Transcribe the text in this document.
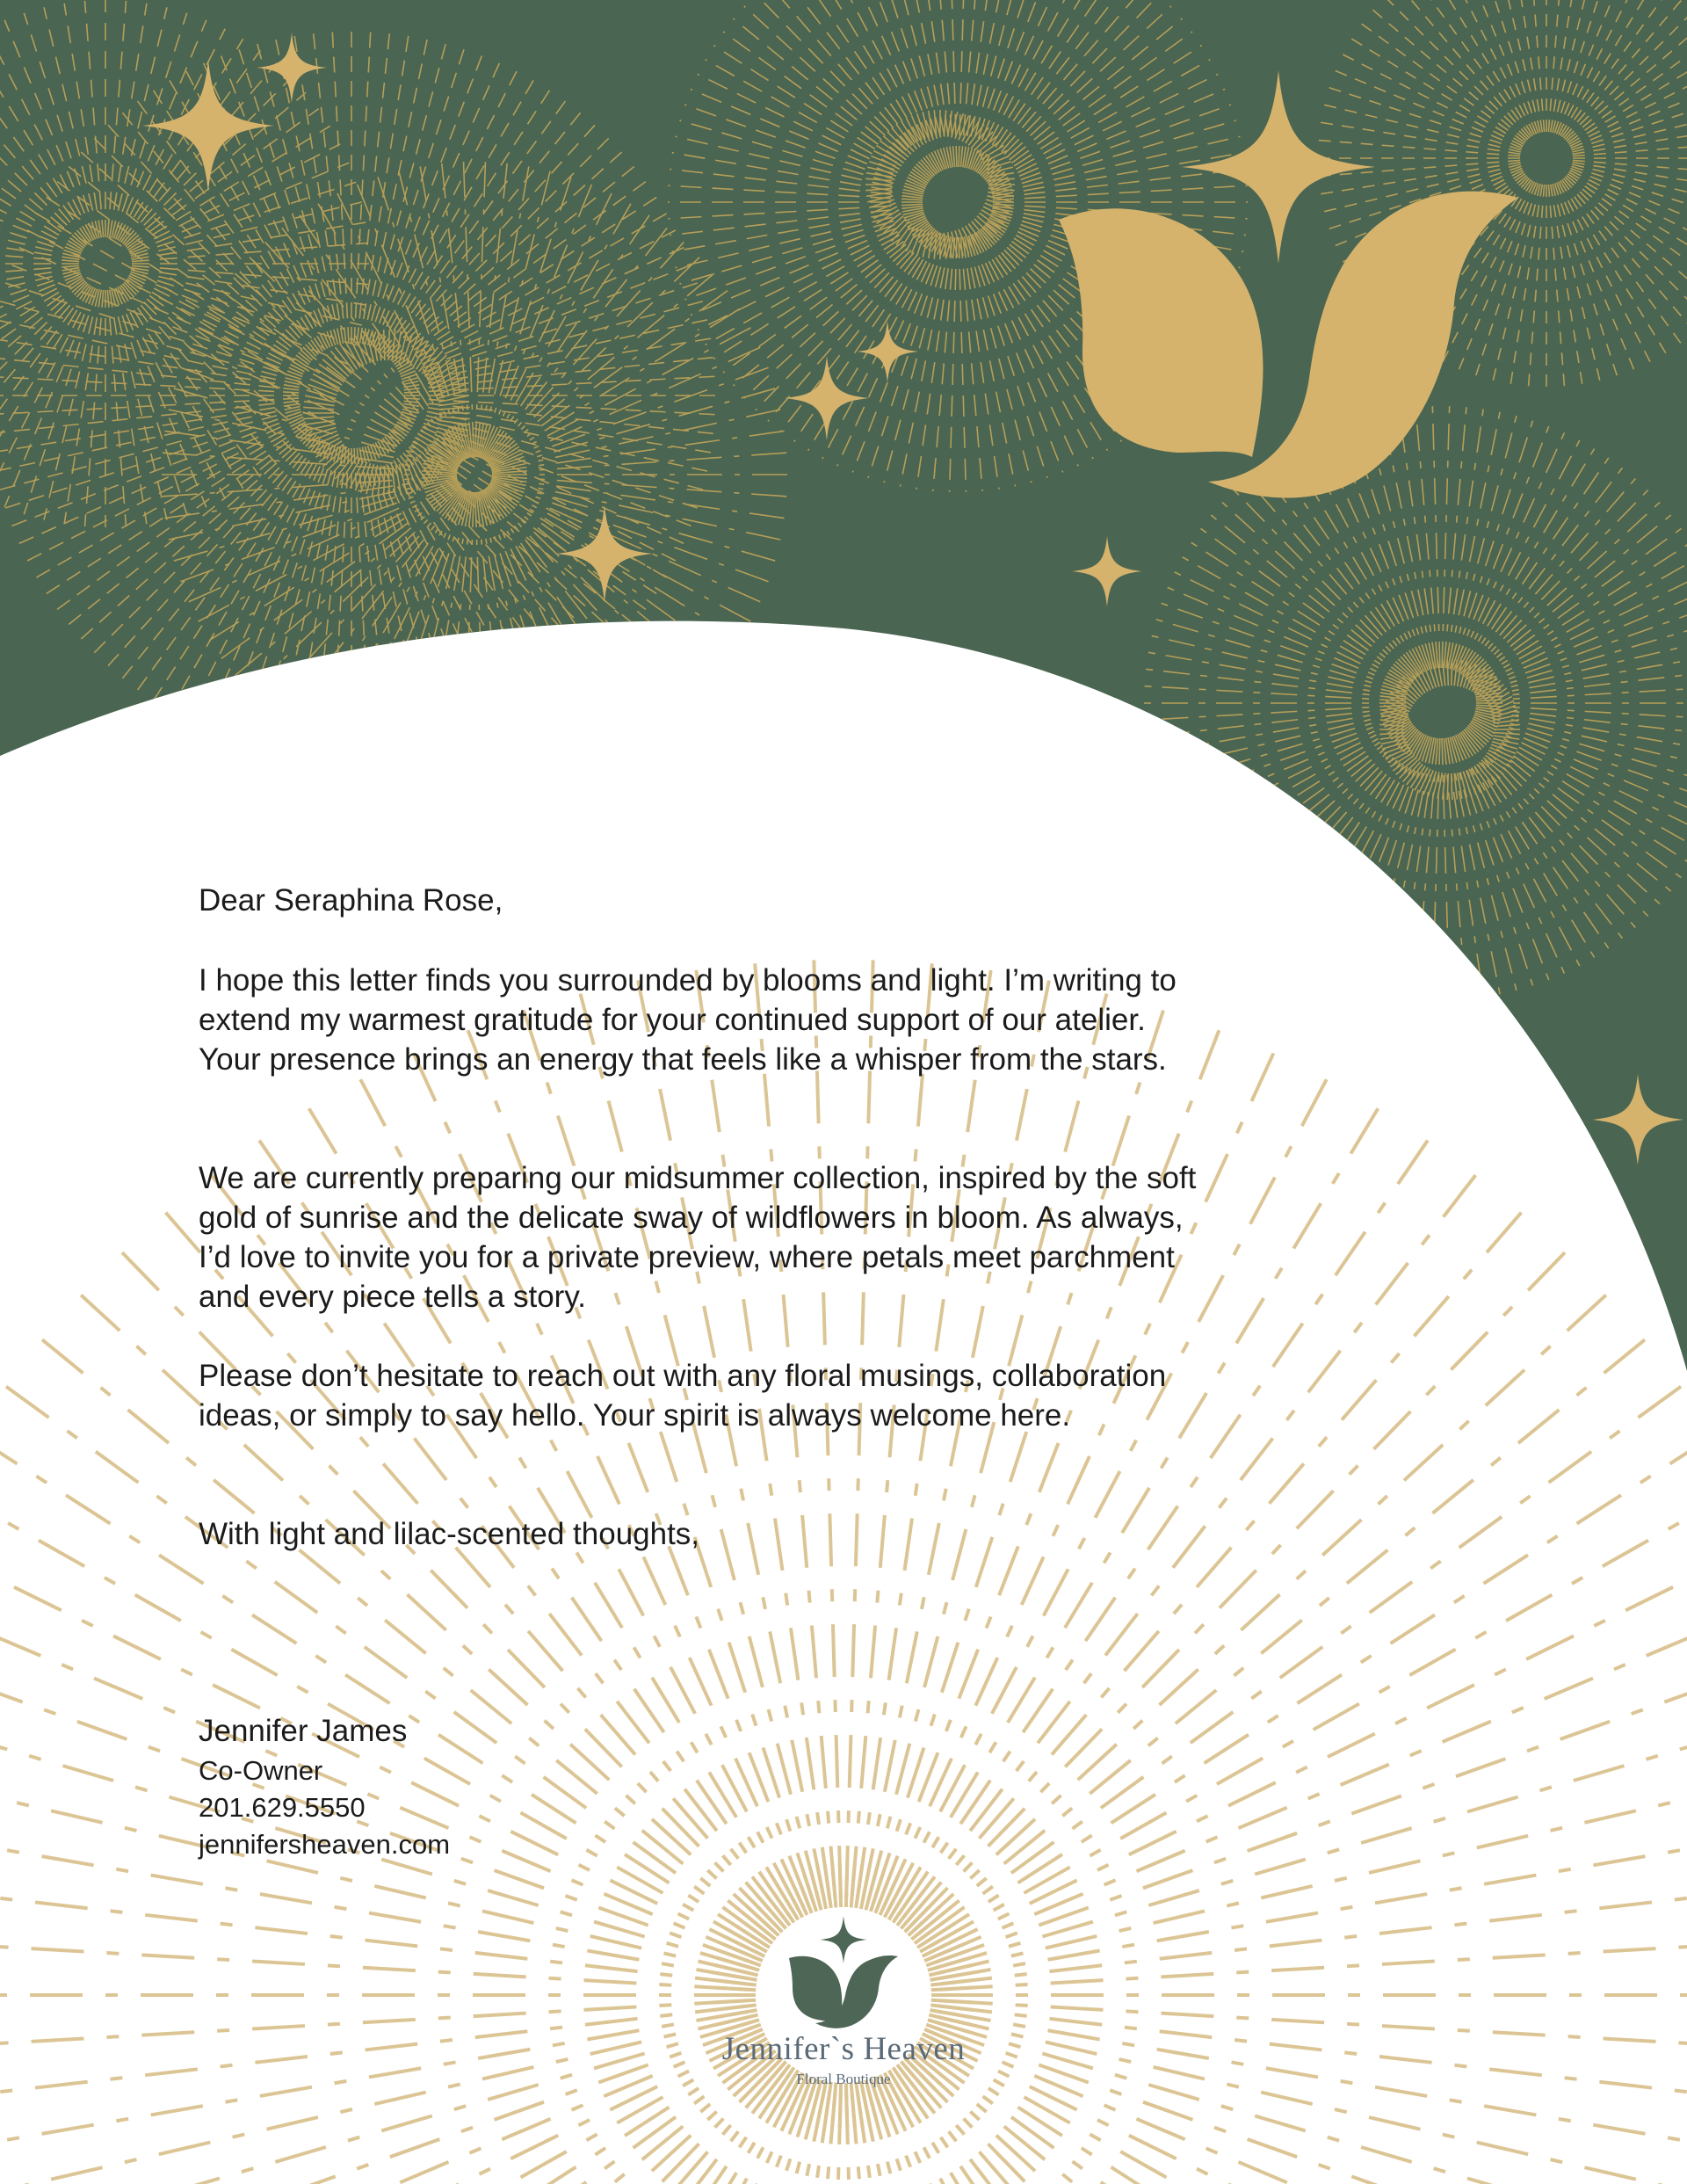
Dear Seraphina Rose,

I hope this letter finds you surrounded by blooms and light. I’m writing to extend my warmest gratitude for your continued support of our atelier. Your presence brings an energy that feels like a whisper from the stars.

We are currently preparing our midsummer collection, inspired by the soft gold of sunrise and the delicate sway of wildflowers in bloom. As always, I’d love to invite you for a private preview, where petals meet parchment and every piece tells a story.

Please don’t hesitate to reach out with any floral musings, collaboration ideas, or simply to say hello. Your spirit is always welcome here.

With light and lilac-scented thoughts,

Jennifer James

Co-Owner

201.629.5550

jennifersheaven.com

Jennifer`s Heaven

Floral Boutique
